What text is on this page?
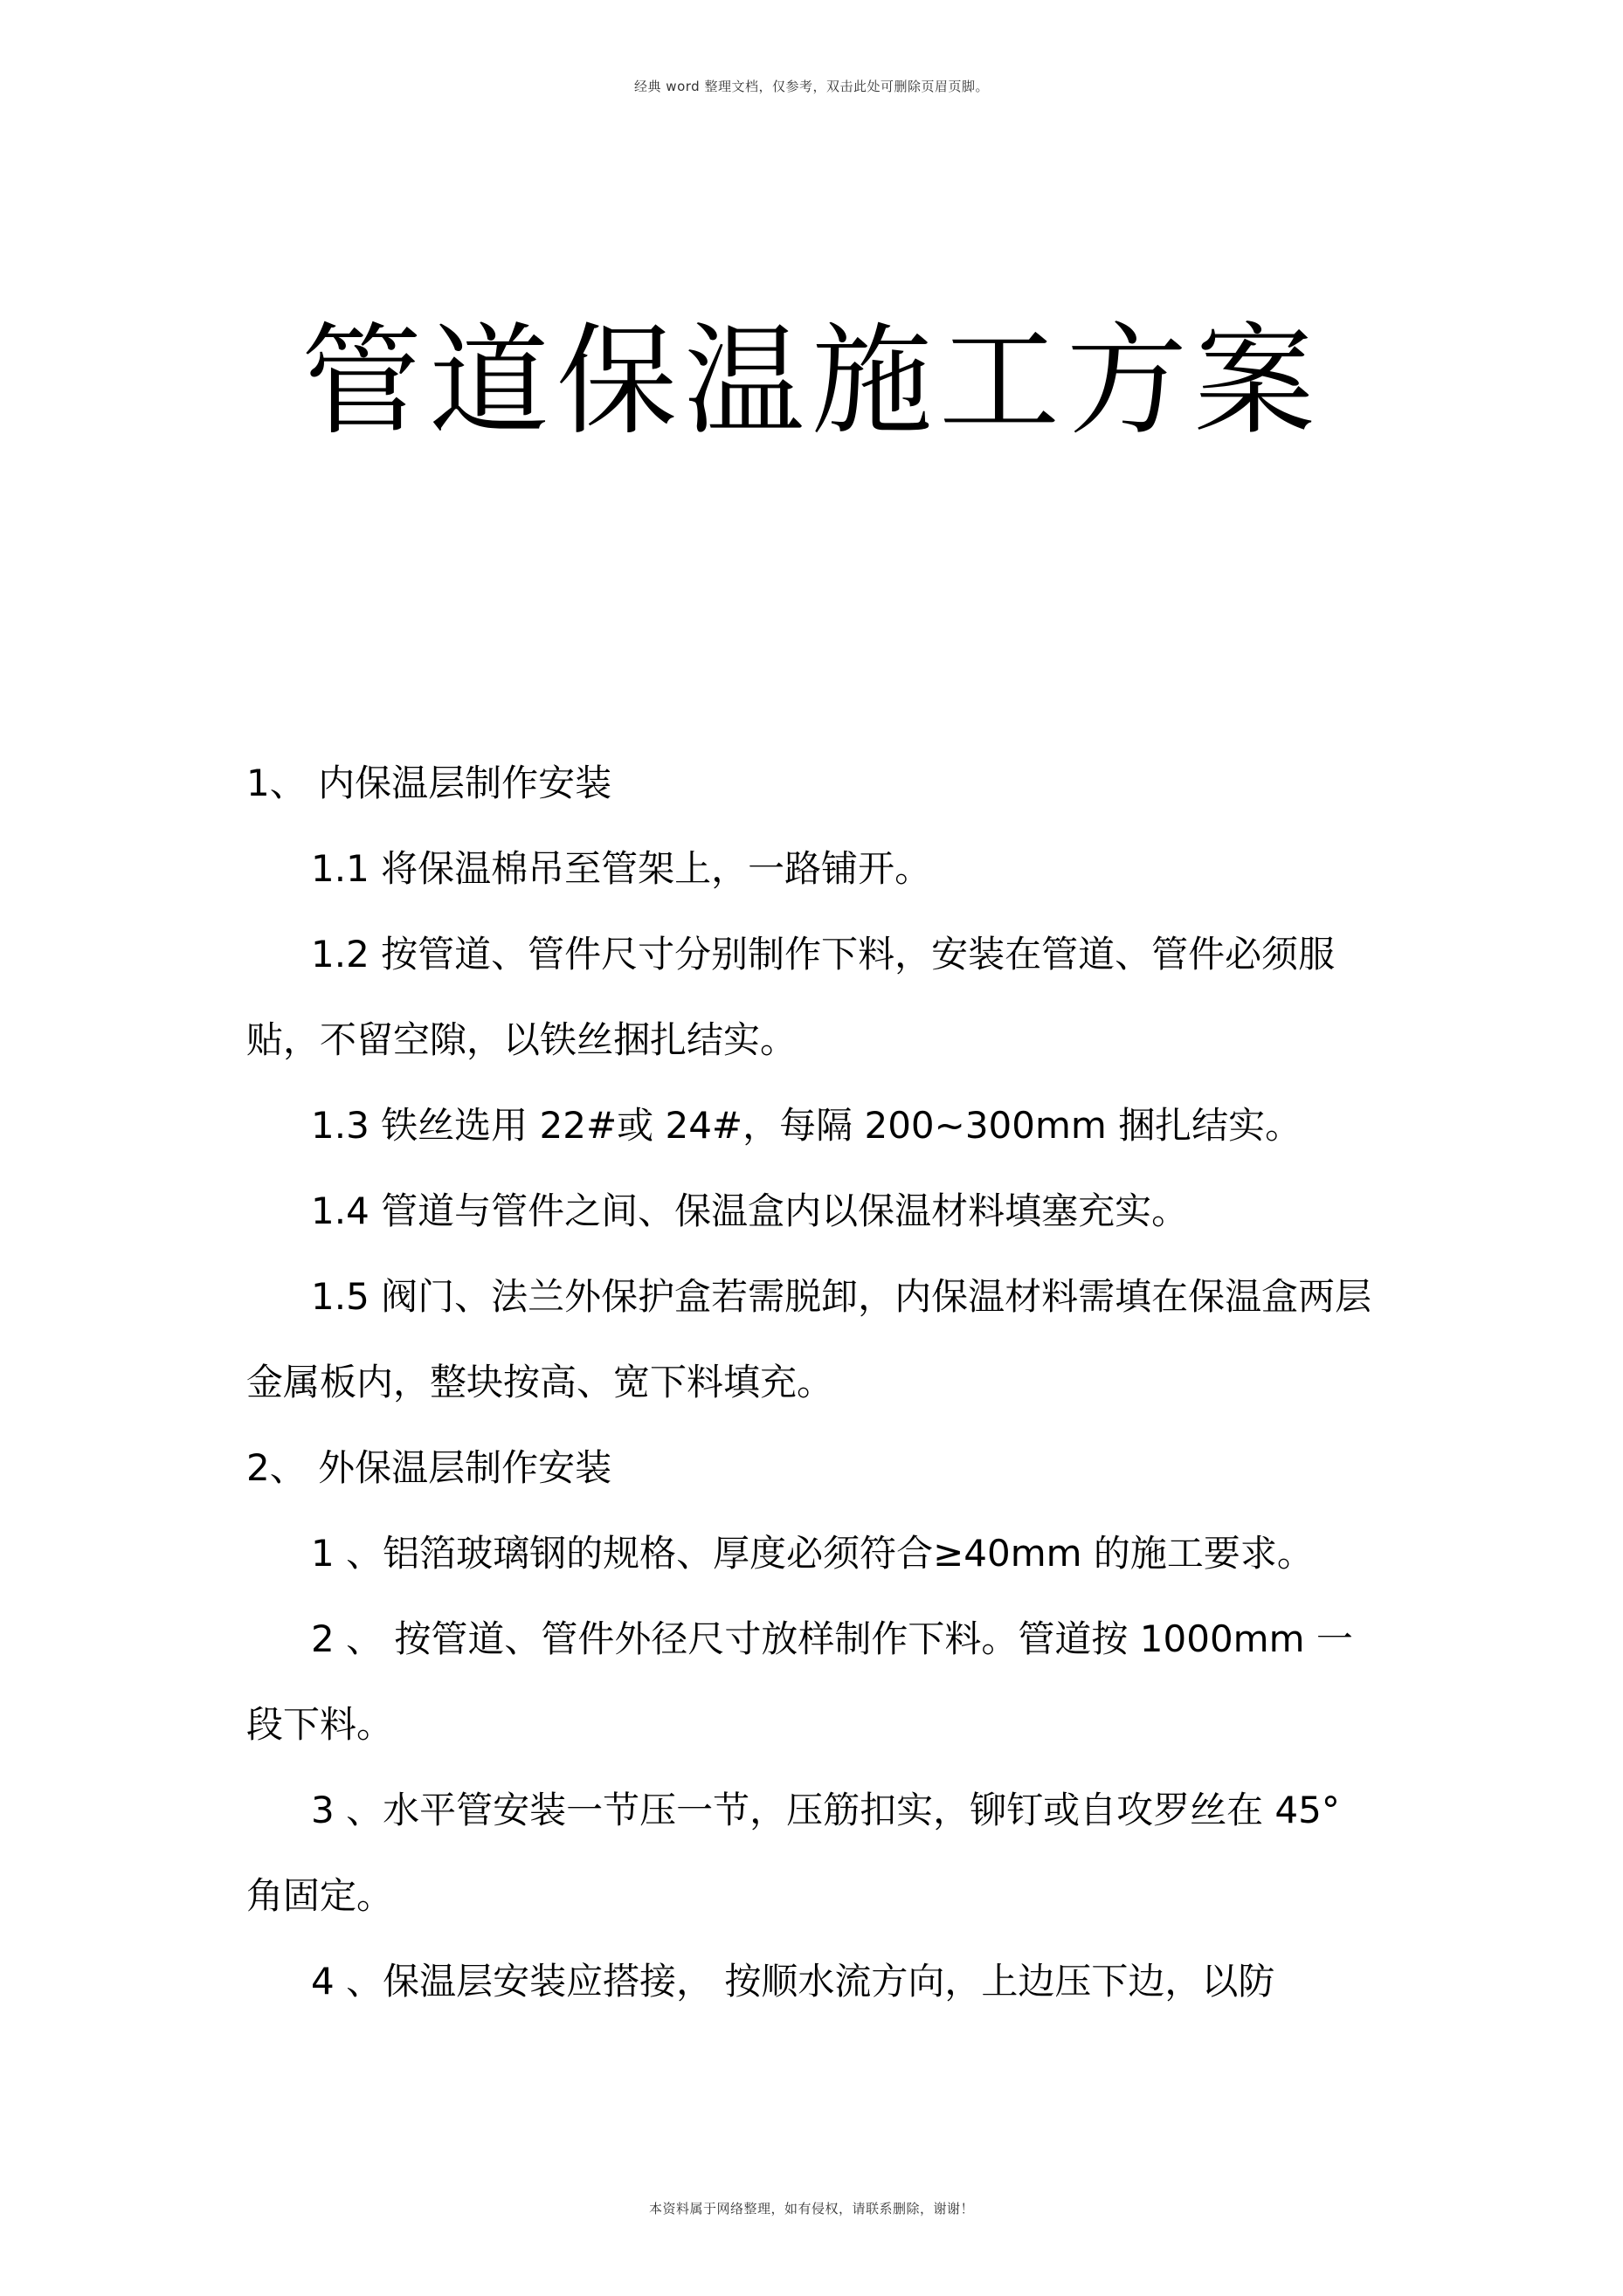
经典 word 整理文档，仅参考，双击此处可删除页眉页脚。
管道保温施工方案

1、 内保温层制作安装

1.1 将保温棉吊至管架上，一路铺开。

1.2 按管道、管件尺寸分别制作下料，安装在管道、管件必须服贴，不留空隙，以铁丝捆扎结实。

1.3 铁丝选用 22#或 24#，每隔 200~300mm 捆扎结实。

1.4 管道与管件之间、保温盒内以保温材料填塞充实。

1.5 阀门、法兰外保护盒若需脱卸，内保温材料需填在保温盒两层金属板内，整块按高、宽下料填充。

2、 外保温层制作安装

1 、铝箔玻璃钢的规格、厚度必须符合≥40mm 的施工要求。

2 、 按管道、管件外径尺寸放样制作下料。管道按 1000mm 一段下料。

3 、水平管安装一节压一节，压筋扣实，铆钉或自攻罗丝在 45° 角固定。

4 、保温层安装应搭接， 按顺水流方向，上边压下边，以防

本资料属于网络整理，如有侵权，请联系删除，谢谢！
